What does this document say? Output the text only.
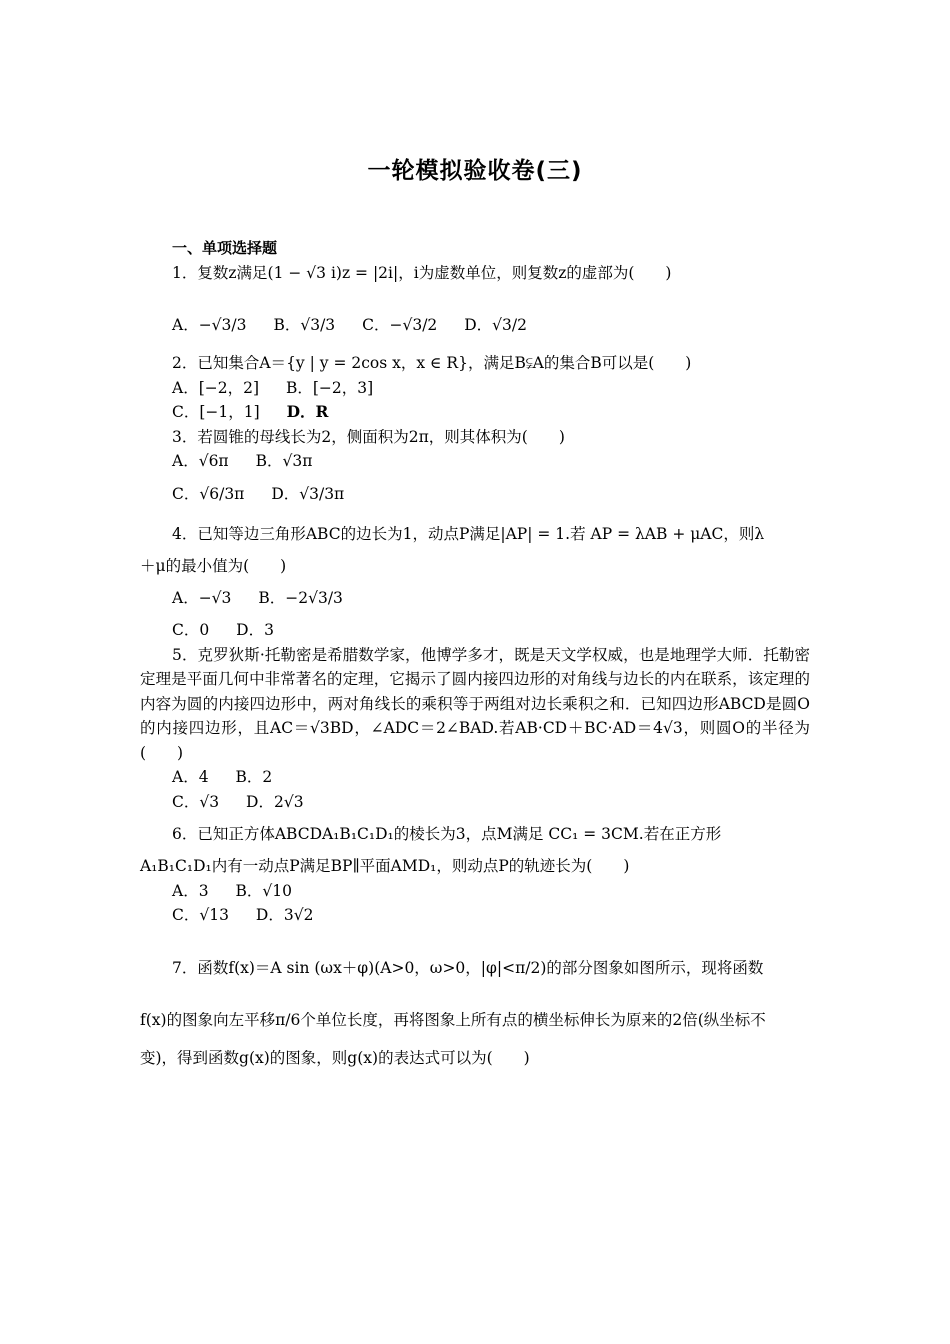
一轮模拟验收卷(三)
一、单项选择题
1．复数z满足(1 − √3 i)z = |2i|，i为虚数单位，则复数z的虚部为(　　)
A．−√3/3 B．√3/3 C．−√3/2 D．√3/2
2．已知集合A＝{y | y = 2cos x，x ∈ R}，满足B⫋A的集合B可以是(　　)
A．[−2，2] B．[−2，3]
C．[−1，1] D．R
3．若圆锥的母线长为2，侧面积为2π，则其体积为(　　)
A．√6π B．√3π
C．√6/3π D．√3/3π
4．已知等边三角形ABC的边长为1，动点P满足|AP| = 1.若 AP = λAB + μAC，则λ
＋μ的最小值为(　　)
A．−√3 B．−2√3/3
C．0 D．3
5．克罗狄斯·托勒密是希腊数学家，他博学多才，既是天文学权威，也是地理学大师．托勒密定理是平面几何中非常著名的定理，它揭示了圆内接四边形的对角线与边长的内在联系，该定理的内容为圆的内接四边形中，两对角线长的乘积等于两组对边长乘积之和．已知四边形ABCD是圆O的内接四边形，且AC＝√3BD，∠ADC＝2∠BAD.若AB·CD＋BC·AD＝4√3，则圆O的半径为(　　)
A．4 B．2
C．√3 D．2√3
6．已知正方体ABCDA₁B₁C₁D₁的棱长为3，点M满足 CC₁ = 3CM.若在正方形
A₁B₁C₁D₁内有一动点P满足BP∥平面AMD₁，则动点P的轨迹长为(　　)
A．3 B．√10
C．√13 D．3√2
7．函数f(x)＝A sin (ωx＋φ)(A>0，ω>0，|φ|<π/2)的部分图象如图所示，现将函数
f(x)的图象向左平移π/6个单位长度，再将图象上所有点的横坐标伸长为原来的2倍(纵坐标不
变)，得到函数g(x)的图象，则g(x)的表达式可以为(　　)
